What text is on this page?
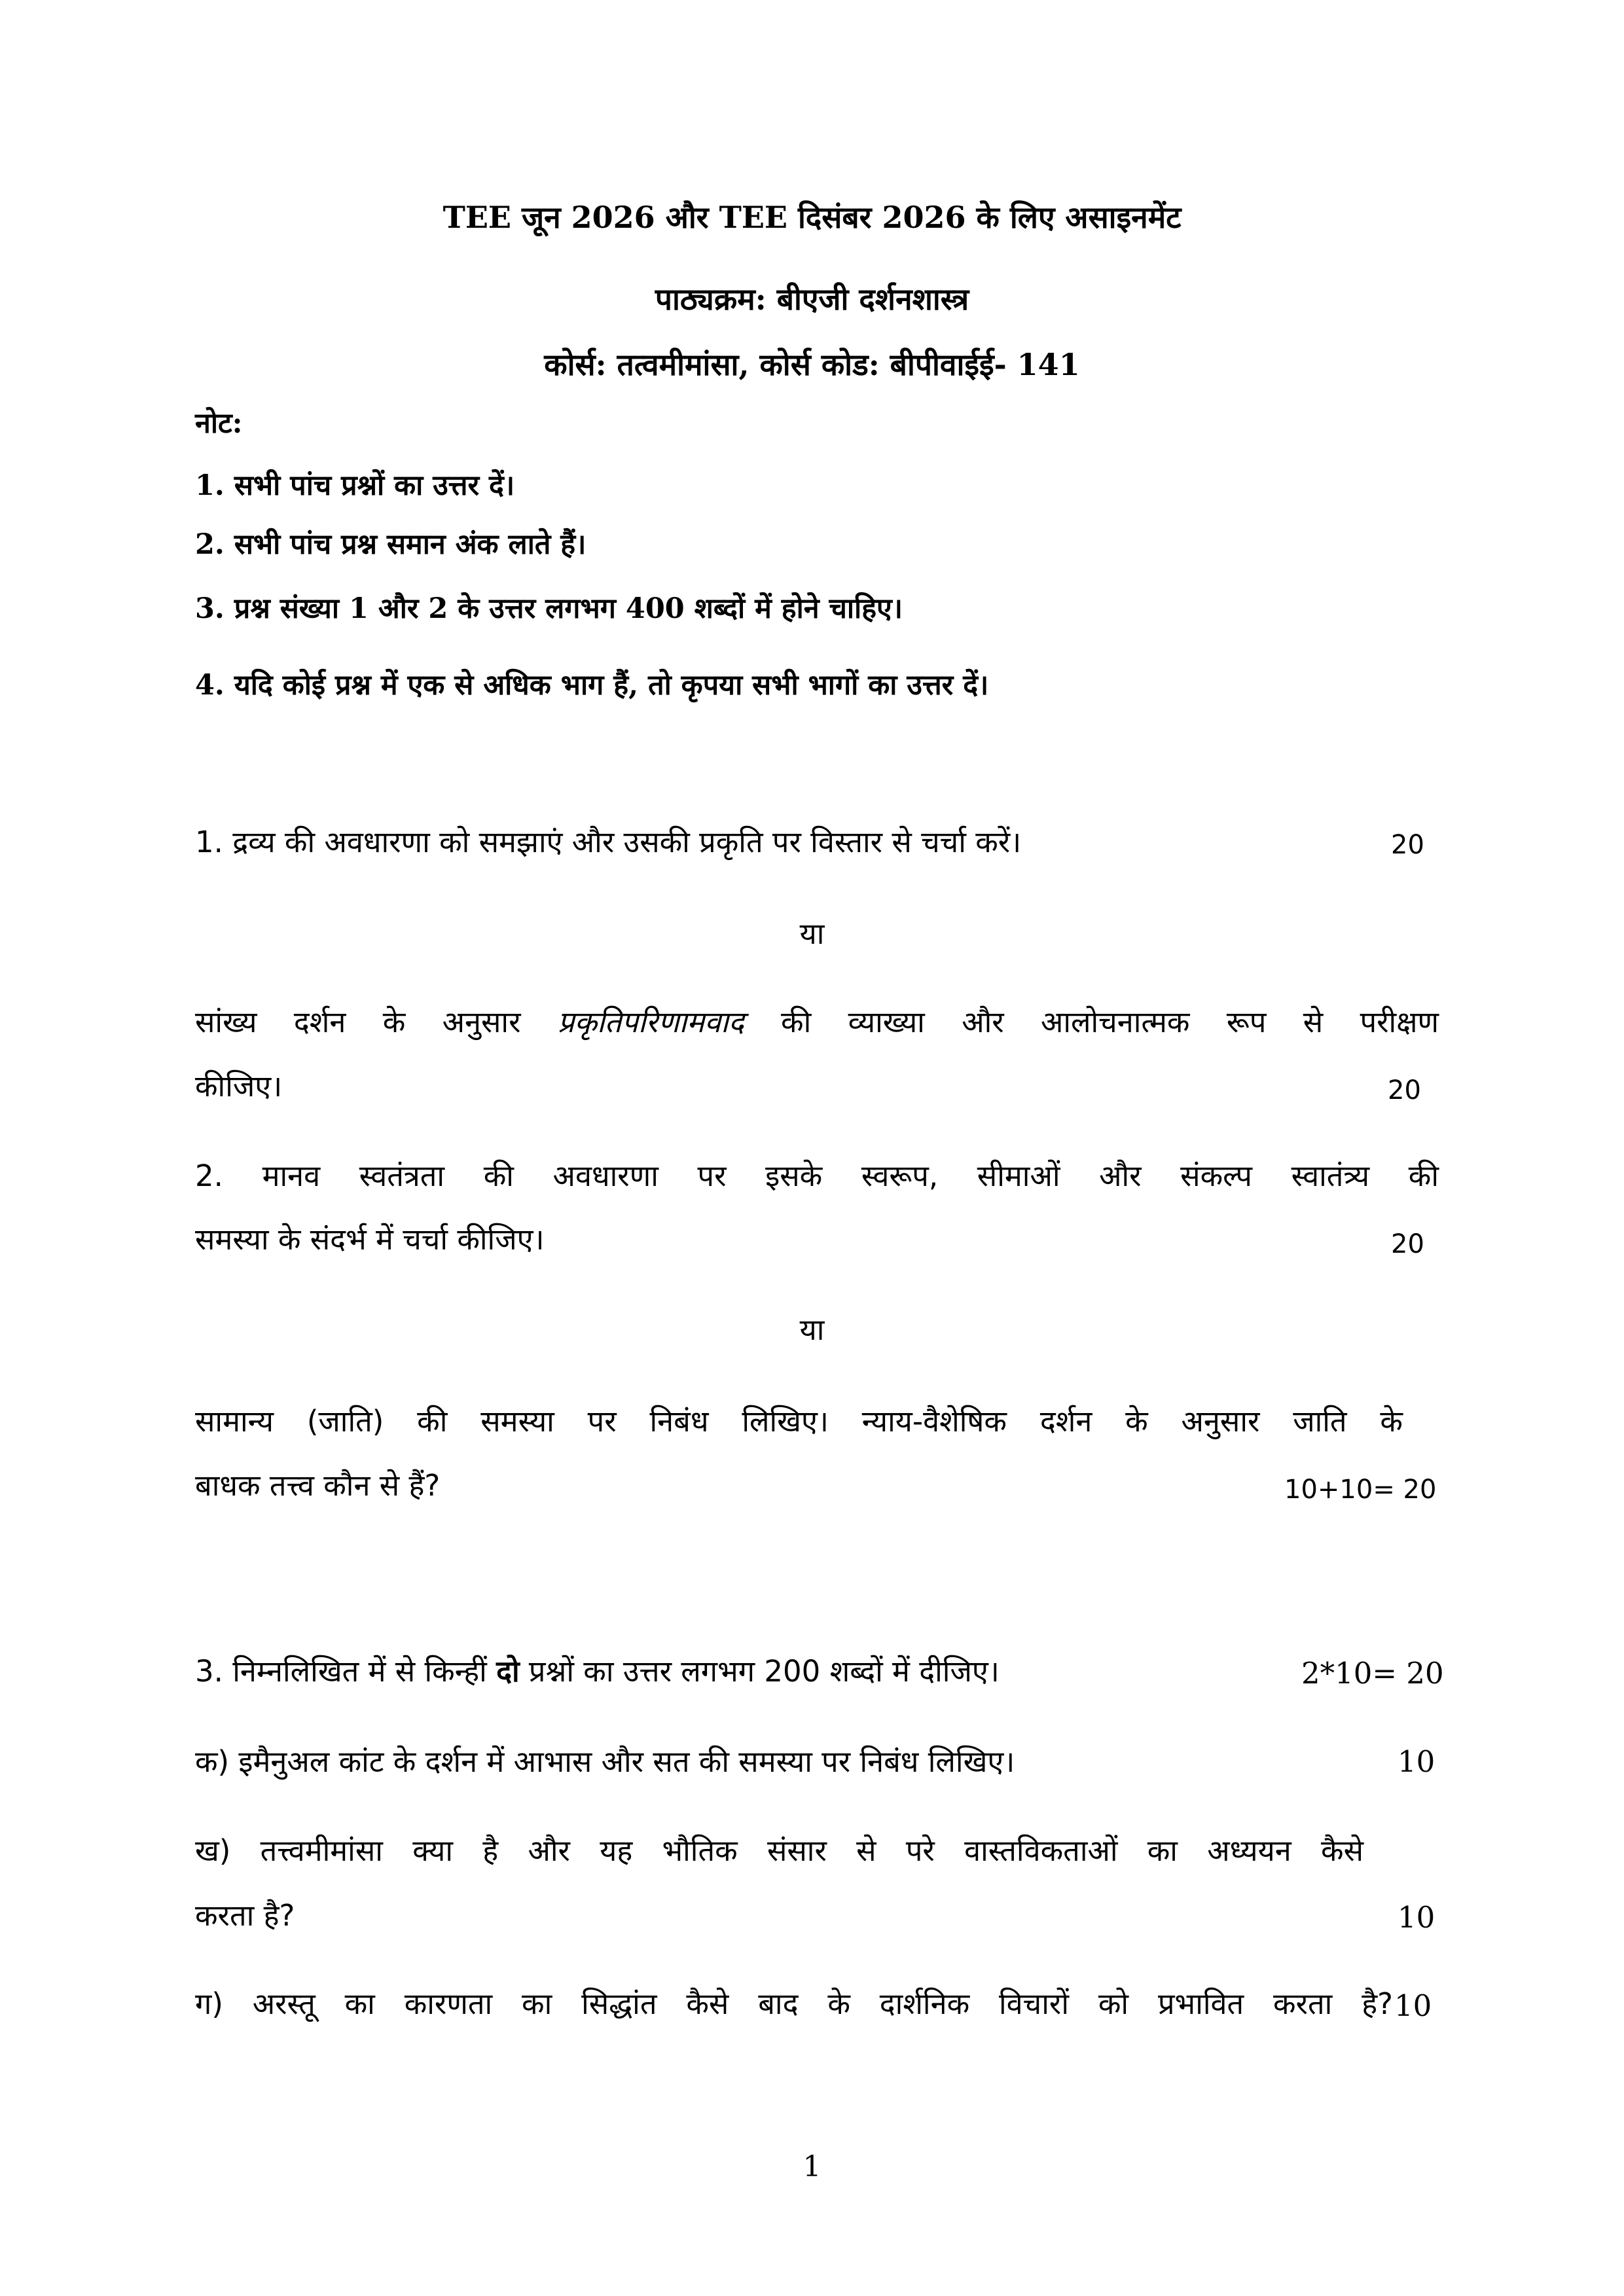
TEE जून 2026 और TEE दिसंबर 2026 के लिए असाइनमेंट
पाठ्यक्रम: बीएजी दर्शनशास्त्र
कोर्स: तत्वमीमांसा, कोर्स कोड: बीपीवाईई- 141
नोट:
1. सभी पांच प्रश्नों का उत्तर दें।
2. सभी पांच प्रश्न समान अंक लाते हैं।
3. प्रश्न संख्या 1 और 2 के उत्तर लगभग 400 शब्दों में होने चाहिए।
4. यदि कोई प्रश्न में एक से अधिक भाग हैं, तो कृपया सभी भागों का उत्तर दें।
1. द्रव्य की अवधारणा को समझाएं और उसकी प्रकृति पर विस्तार से चर्चा करें।	20
या
सांख्य दर्शन के अनुसार प्रकृतिपरिणामवाद की व्याख्या और आलोचनात्मक रूप से परीक्षण
कीजिए।	20
2. मानव स्वतंत्रता की अवधारणा पर इसके स्वरूप, सीमाओं और संकल्प स्वातंत्र्य की
समस्या के संदर्भ में चर्चा कीजिए।	20
या
सामान्य (जाति) की समस्या पर निबंध लिखिए। न्याय-वैशेषिक दर्शन के अनुसार जाति के
बाधक तत्त्व कौन से हैं?	10+10= 20
3. निम्नलिखित में से किन्हीं दो प्रश्नों का उत्तर लगभग 200 शब्दों में दीजिए।	2*10= 20
क) इमैनुअल कांट के दर्शन में आभास और सत की समस्या पर निबंध लिखिए।	10
ख) तत्त्वमीमांसा क्या है और यह भौतिक संसार से परे वास्तविकताओं का अध्ययन कैसे
करता है?	10
ग) अरस्तू का कारणता का सिद्धांत कैसे बाद के दार्शनिक विचारों को प्रभावित करता है? 10
1
